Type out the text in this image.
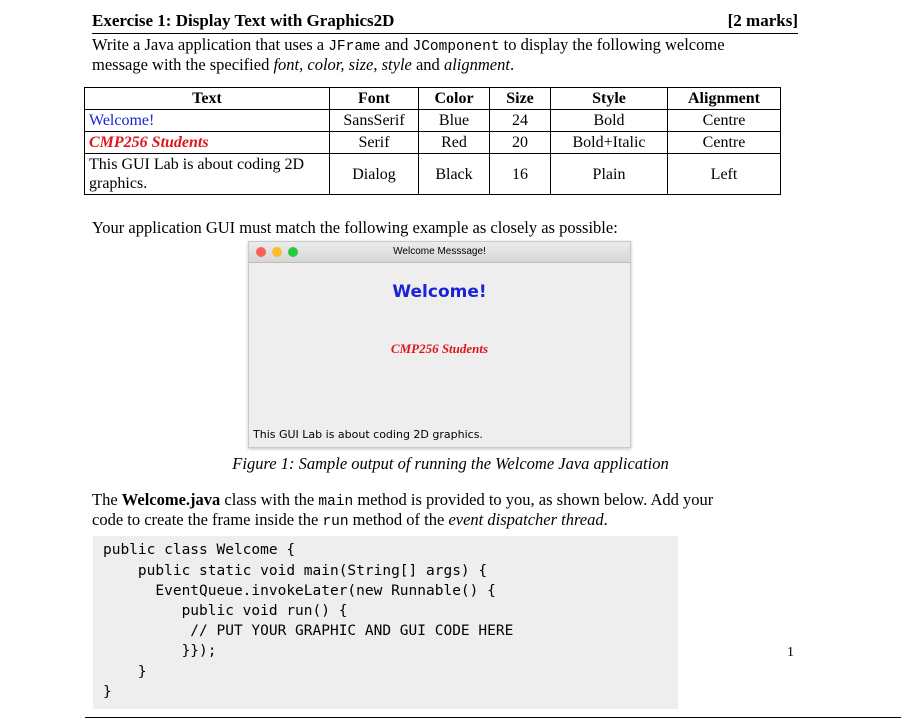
Exercise 1: Display Text with Graphics2D	[2 marks]
Write a Java application that uses a JFrame and JComponent to display the following welcome
message with the specified font, color, size, style and alignment.
Text	Font	Color	Size	Style	Alignment
Welcome!	SansSerif	Blue	24	Bold	Centre
CMP256 Students	Serif	Red	20	Bold+Italic	Centre
This GUI Lab is about coding 2D graphics.	Dialog	Black	16	Plain	Left
Your application GUI must match the following example as closely as possible:
Welcome Messsage!
Welcome!
CMP256 Students
This GUI Lab is about coding 2D graphics.
Figure 1: Sample output of running the Welcome Java application
The Welcome.java class with the main method is provided to you, as shown below. Add your
code to create the frame inside the run method of the event dispatcher thread.
public class Welcome {
public static void main(String[] args) {
EventQueue.invokeLater(new Runnable() {
public void run() {
// PUT YOUR GRAPHIC AND GUI CODE HERE
}});
}
}
1
